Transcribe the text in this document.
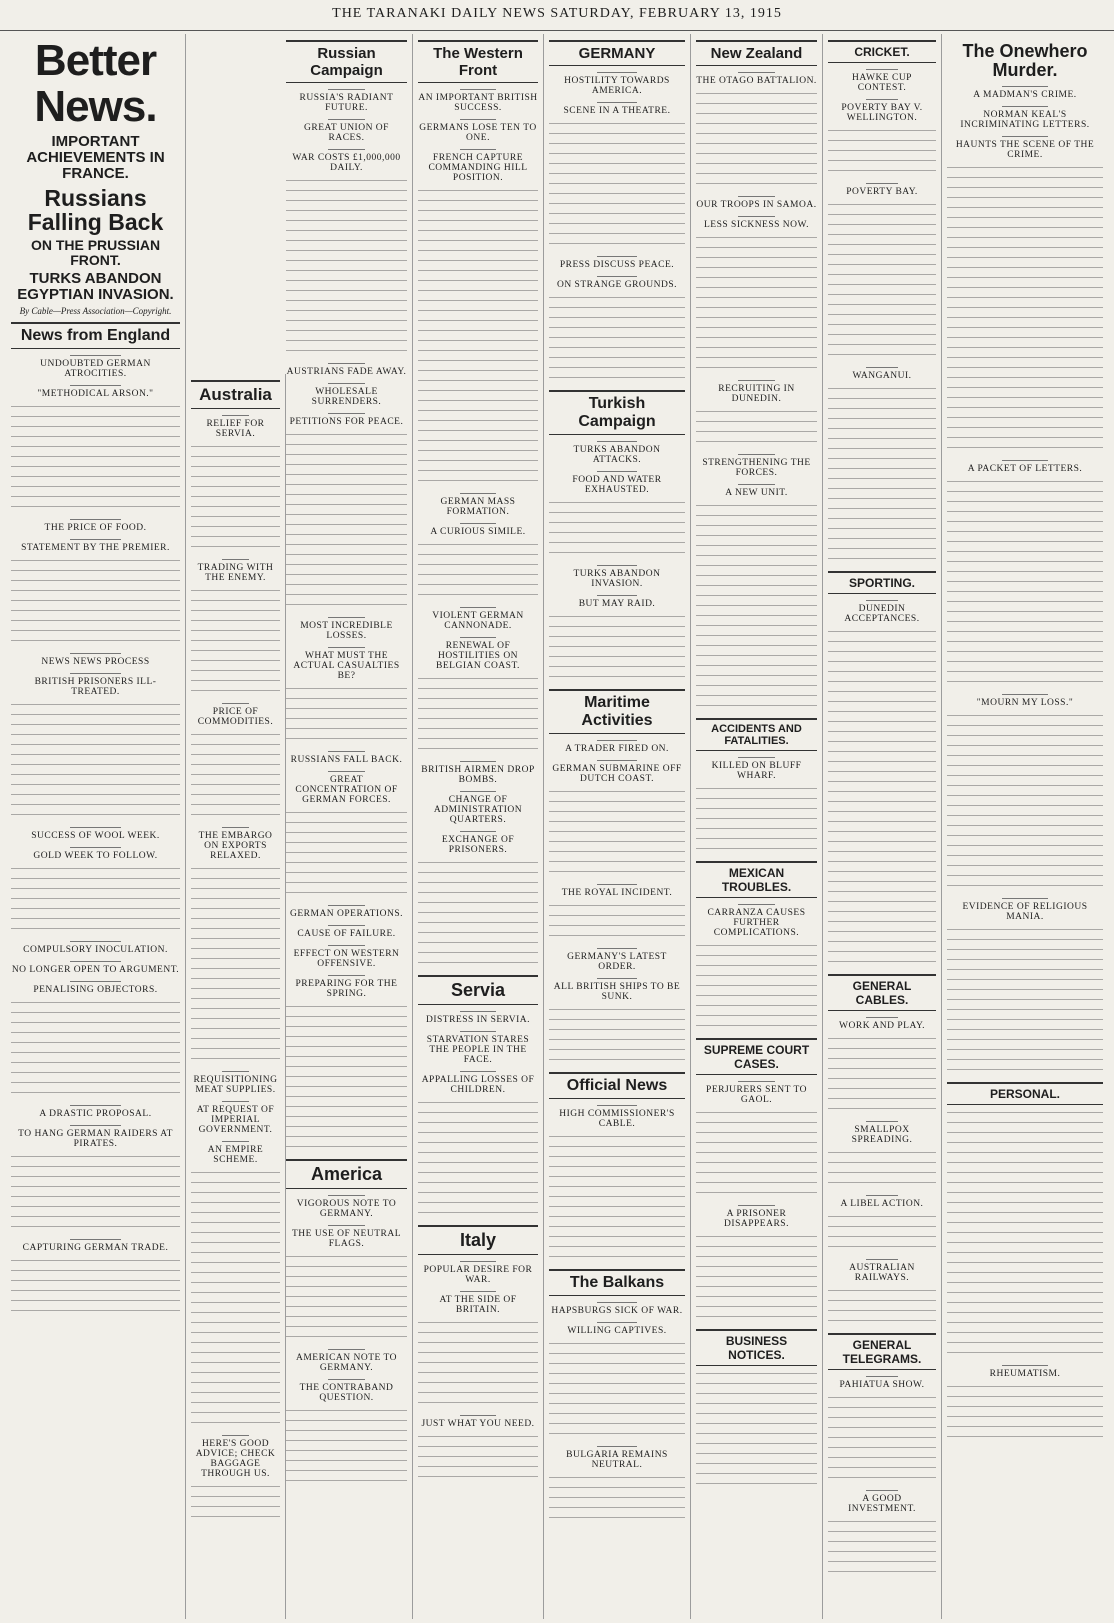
THE TARANAKI DAILY NEWS SATURDAY, FEBRUARY 13, 1915
Better News.
IMPORTANT ACHIEVEMENTS IN FRANCE.
Russians Falling Back
ON THE PRUSSIAN FRONT.
TURKS ABANDON EGYPTIAN INVASION.
By Cable—Press Association—Copyright.
News from England
UNDOUBTED GERMAN ATROCITIES.
"METHODICAL ARSON."
THE PRICE OF FOOD.
STATEMENT BY THE PREMIER.
NEWS NEWS PROCESS
BRITISH PRISONERS ILL-TREATED.
SUCCESS OF WOOL WEEK.
GOLD WEEK TO FOLLOW.
COMPULSORY INOCULATION.
NO LONGER OPEN TO ARGUMENT.
PENALISING OBJECTORS.
A DRASTIC PROPOSAL.
TO HANG GERMAN RAIDERS AT PIRATES.
CAPTURING GERMAN TRADE.
Australia
RELIEF FOR SERVIA.
TRADING WITH THE ENEMY.
PRICE OF COMMODITIES.
THE EMBARGO ON EXPORTS RELAXED.
REQUISITIONING MEAT SUPPLIES.
AT REQUEST OF IMPERIAL GOVERNMENT.
AN EMPIRE SCHEME.
HERE'S GOOD ADVICE; CHECK BAGGAGE THROUGH US.
Russian Campaign
RUSSIA'S RADIANT FUTURE.
GREAT UNION OF RACES.
WAR COSTS £1,000,000 DAILY.
AUSTRIANS FADE AWAY.
WHOLESALE SURRENDERS.
PETITIONS FOR PEACE.
MOST INCREDIBLE LOSSES.
WHAT MUST THE ACTUAL CASUALTIES BE?
RUSSIANS FALL BACK.
GREAT CONCENTRATION OF GERMAN FORCES.
GERMAN OPERATIONS.
CAUSE OF FAILURE.
EFFECT ON WESTERN OFFENSIVE.
PREPARING FOR THE SPRING.
America
VIGOROUS NOTE TO GERMANY.
THE USE OF NEUTRAL FLAGS.
AMERICAN NOTE TO GERMANY.
THE CONTRABAND QUESTION.
The Western Front
AN IMPORTANT BRITISH SUCCESS.
GERMANS LOSE TEN TO ONE.
FRENCH CAPTURE COMMANDING HILL POSITION.
GERMAN MASS FORMATION.
A CURIOUS SIMILE.
VIOLENT GERMAN CANNONADE.
RENEWAL OF HOSTILITIES ON BELGIAN COAST.
BRITISH AIRMEN DROP BOMBS.
CHANGE OF ADMINISTRATION QUARTERS.
EXCHANGE OF PRISONERS.
Servia
DISTRESS IN SERVIA.
STARVATION STARES THE PEOPLE IN THE FACE.
APPALLING LOSSES OF CHILDREN.
Italy
POPULAR DESIRE FOR WAR.
AT THE SIDE OF BRITAIN.
JUST WHAT YOU NEED.
GERMANY
HOSTILITY TOWARDS AMERICA.
SCENE IN A THEATRE.
PRESS DISCUSS PEACE.
ON STRANGE GROUNDS.
Turkish Campaign
TURKS ABANDON ATTACKS.
FOOD AND WATER EXHAUSTED.
TURKS ABANDON INVASION.
BUT MAY RAID.
Maritime Activities
A TRADER FIRED ON.
GERMAN SUBMARINE OFF DUTCH COAST.
THE ROYAL INCIDENT.
GERMANY'S LATEST ORDER.
ALL BRITISH SHIPS TO BE SUNK.
Official News
HIGH COMMISSIONER'S CABLE.
The Balkans
HAPSBURGS SICK OF WAR.
WILLING CAPTIVES.
BULGARIA REMAINS NEUTRAL.
New Zealand
THE OTAGO BATTALION.
OUR TROOPS IN SAMOA.
LESS SICKNESS NOW.
RECRUITING IN DUNEDIN.
STRENGTHENING THE FORCES.
A NEW UNIT.
ACCIDENTS AND FATALITIES.
KILLED ON BLUFF WHARF.
MEXICAN TROUBLES.
CARRANZA CAUSES FURTHER COMPLICATIONS.
SUPREME COURT CASES.
PERJURERS SENT TO GAOL.
A PRISONER DISAPPEARS.
BUSINESS NOTICES.
CRICKET.
HAWKE CUP CONTEST.
POVERTY BAY V. WELLINGTON.
POVERTY BAY.
WANGANUI.
SPORTING.
DUNEDIN ACCEPTANCES.
GENERAL CABLES.
WORK AND PLAY.
SMALLPOX SPREADING.
A LIBEL ACTION.
AUSTRALIAN RAILWAYS.
GENERAL TELEGRAMS.
PAHIATUA SHOW.
A GOOD INVESTMENT.
The Onewhero Murder.
A MADMAN'S CRIME.
NORMAN KEAL'S INCRIMINATING LETTERS.
HAUNTS THE SCENE OF THE CRIME.
A PACKET OF LETTERS.
"MOURN MY LOSS."
EVIDENCE OF RELIGIOUS MANIA.
PERSONAL.
RHEUMATISM.
